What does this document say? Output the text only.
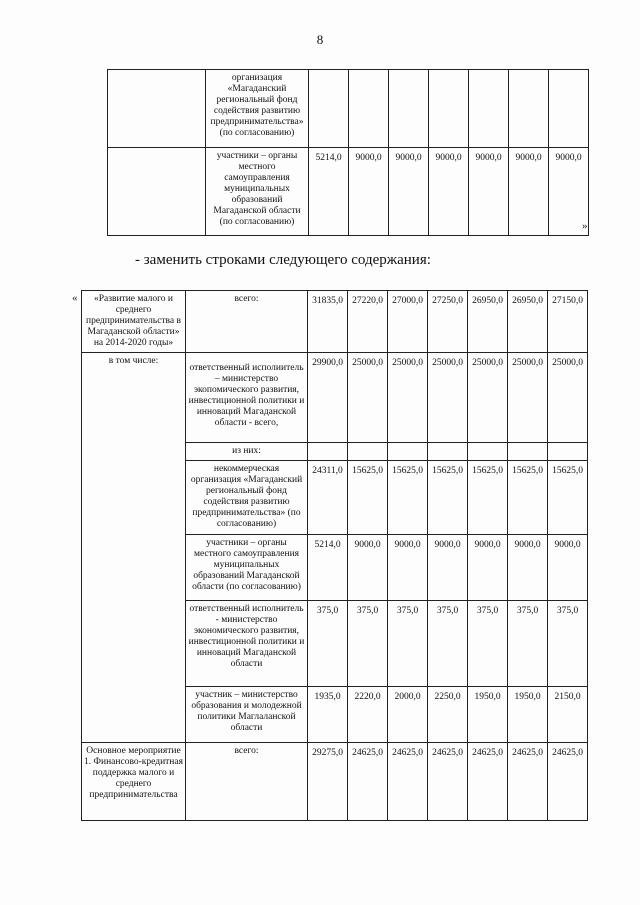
8
	организация «Магаданский региональный фонд содействия развитию предпринимательства» (по согласованию)							
	участники – органы местного самоуправления муниципальных образований Магаданской области (по согласованию)	5214,0	9000,0	9000,0	9000,0	9000,0	9000,0	9000,0
»
- заменить строками следующего содержания:
« «Развитие малого и среднего предпринимательства в Магаданской области» на 2014-2020 годы»	всего:	31835,0	27220,0	27000,0	27250,0	26950,0	26950,0	27150,0
в том числе:	ответственный исполиитель – министерство экопомического развития, инвестиционной политики и инноваций Магаданской области - всего,	29900,0	25000,0	25000,0	25000,0	25000,0	25000,0	25000,0
	из них:							
	некоммерческая организация «Магаданский региональный фонд содействия развитию предпринимательства» (по согласованию)	24311,0	15625,0	15625,0	15625,0	15625,0	15625,0	15625,0
	участники – органы местного самоуправления муниципальных образований Магаданской области (по согласованию)	5214,0	9000,0	9000,0	9000,0	9000,0	9000,0	9000,0
	ответственный исполнитель - министерство экономического развития, инвестиционной политики и инноваций Магаданской области	375,0	375,0	375,0	375,0	375,0	375,0	375,0
	участник – министерство образования и молодежной политики Маглаланской области	1935,0	2220,0	2000,0	2250,0	1950,0	1950,0	2150,0
Основное мероприятие 1. Финансово-кредитная поддержка малого и среднего предпринимательства	всего:	29275,0	24625,0	24625,0	24625,0	24625,0	24625,0	24625,0
